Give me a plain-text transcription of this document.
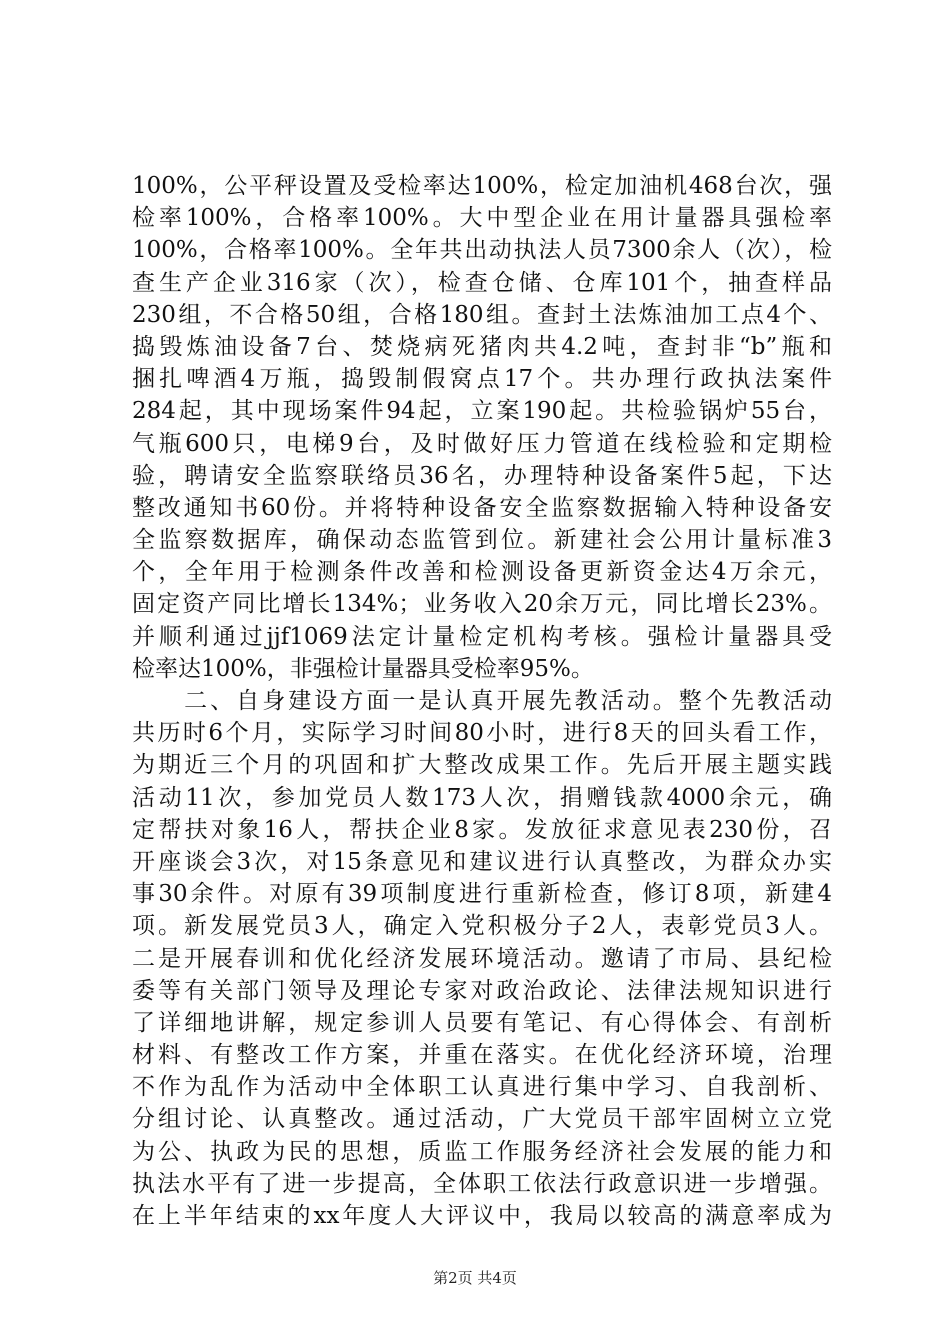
100%，公平秤设置及受检率达100%，检定加油机468台次，强
检率100%，合格率100%。大中型企业在用计量器具强检率
100%，合格率100%。全年共出动执法人员7300余人（次），检
查生产企业316家（次），检查仓储、仓库101个，抽查样品
230组，不合格50组，合格180组。查封土法炼油加工点4个、
捣毁炼油设备7台、焚烧病死猪肉共4.2吨，查封非“b”瓶和
捆扎啤酒4万瓶，捣毁制假窝点17个。共办理行政执法案件
284起，其中现场案件94起，立案190起。共检验锅炉55台，
气瓶600只，电梯9台，及时做好压力管道在线检验和定期检
验，聘请安全监察联络员36名，办理特种设备案件5起，下达
整改通知书60份。并将特种设备安全监察数据输入特种设备安
全监察数据库，确保动态监管到位。新建社会公用计量标准3
个，全年用于检测条件改善和检测设备更新资金达4万余元，
固定资产同比增长134%；业务收入20余万元，同比增长23%。
并顺利通过jjf1069法定计量检定机构考核。强检计量器具受
检率达100%，非强检计量器具受检率95%。
　　二、自身建设方面一是认真开展先教活动。整个先教活动
共历时6个月，实际学习时间80小时，进行8天的回头看工作，
为期近三个月的巩固和扩大整改成果工作。先后开展主题实践
活动11次，参加党员人数173人次，捐赠钱款4000余元，确
定帮扶对象16人，帮扶企业8家。发放征求意见表230份，召
开座谈会3次，对15条意见和建议进行认真整改，为群众办实
事30余件。对原有39项制度进行重新检查，修订8项，新建4
项。新发展党员3人，确定入党积极分子2人，表彰党员3人。
二是开展春训和优化经济发展环境活动。邀请了市局、县纪检
委等有关部门领导及理论专家对政治政论、法律法规知识进行
了详细地讲解，规定参训人员要有笔记、有心得体会、有剖析
材料、有整改工作方案，并重在落实。在优化经济环境，治理
不作为乱作为活动中全体职工认真进行集中学习、自我剖析、
分组讨论、认真整改。通过活动，广大党员干部牢固树立立党
为公、执政为民的思想，质监工作服务经济社会发展的能力和
执法水平有了进一步提高，全体职工依法行政意识进一步增强。
在上半年结束的xx年度人大评议中，我局以较高的满意率成为
第2页 共4页
